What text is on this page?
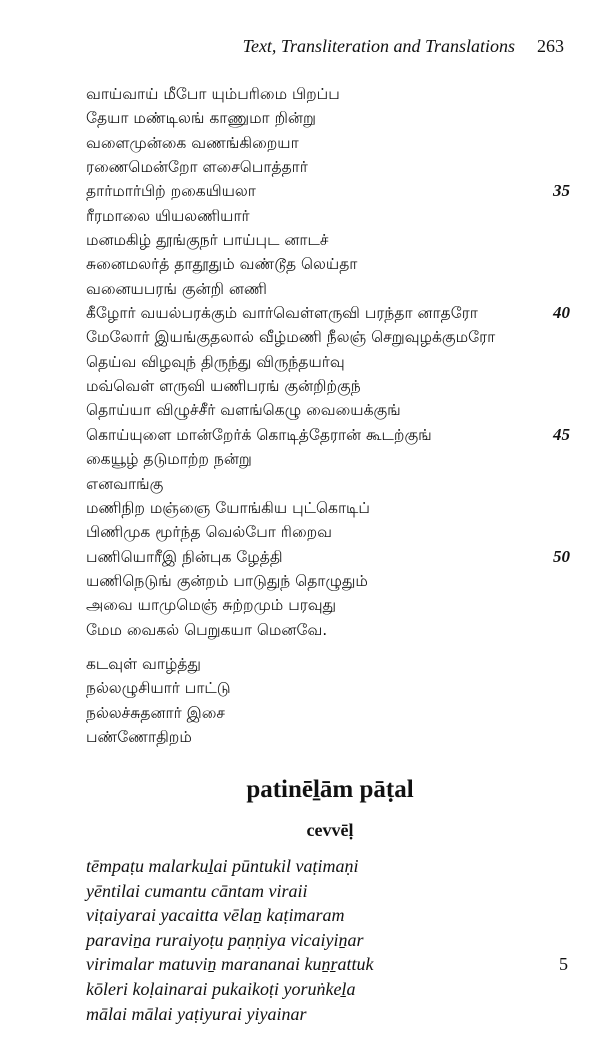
Text, Transliteration and Translations 263
வாய்வாய் மீபோ யும்பரிமை பிறப்ப
தேயா மண்டிலங் காணுமா றின்று
வளைமுன்கை வணங்கிறையா
ரணைமென்றோ ளசைபொத்தார்
தார்மார்பிற் றகையியலா	35
ரீரமாலை யியலணியார்
மனமகிழ் தூங்குநர் பாய்புட னாடச்
சுனைமலர்த் தாதூதும் வண்டூத லெய்தா
வனையபரங் குன்றி னணி
கீழோர் வயல்பரக்கும் வார்வெள்ளருவி பரந்தா னாதரோ	40
மேலோர் இயங்குதலால் வீழ்மணி நீலஞ் செறுவுழக்குமரோ
தெய்வ விழவுந் திருந்து விருந்தயர்வு
மவ்வெள் ளருவி யணிபரங் குன்றிற்குந்
தொய்யா விழுச்சீர் வளங்கெழு வையைக்குங்
கொய்யுளை மான்றேர்க் கொடித்தேரான் கூடற்குங்	45
கையூழ் தடுமாற்ற நன்று
எனவாங்கு
மணிநிற மஞ்ஞை யோங்கிய புட்கொடிப்
பிணிமுக மூர்ந்த வெல்போ ரிறைவ
பணியொரீஇ நின்புக ழேத்தி	50
யணிநெடுங் குன்றம் பாடுதுந் தொழுதும்
அவை யாமுமெஞ் சுற்றமும் பரவுது
மேம வைகல் பெறுகயா மெனவே.
கடவுள் வாழ்த்து
நல்லழுசியார் பாட்டு
நல்லச்சுதனார் இசை
பண்ணோதிறம்
patinēḻām pāṭal
cevvēḷ
tēmpaṭu malarkuḻai pūntukil vaṭimaṇi
yēntilai cumantu cāntam viraii
viṭaiyarai yacaitta vēlaṉ kaṭimaram
paraviṉa ruraiyoṭu paṇṇiya vicaiyiṉar
virimalar matuviṉ marananai kuṉṟattuk	5
kōleri koḷainarai pukaikoṭi yoruṅkeḻa
mālai mālai yaṭiyurai yiyainar
